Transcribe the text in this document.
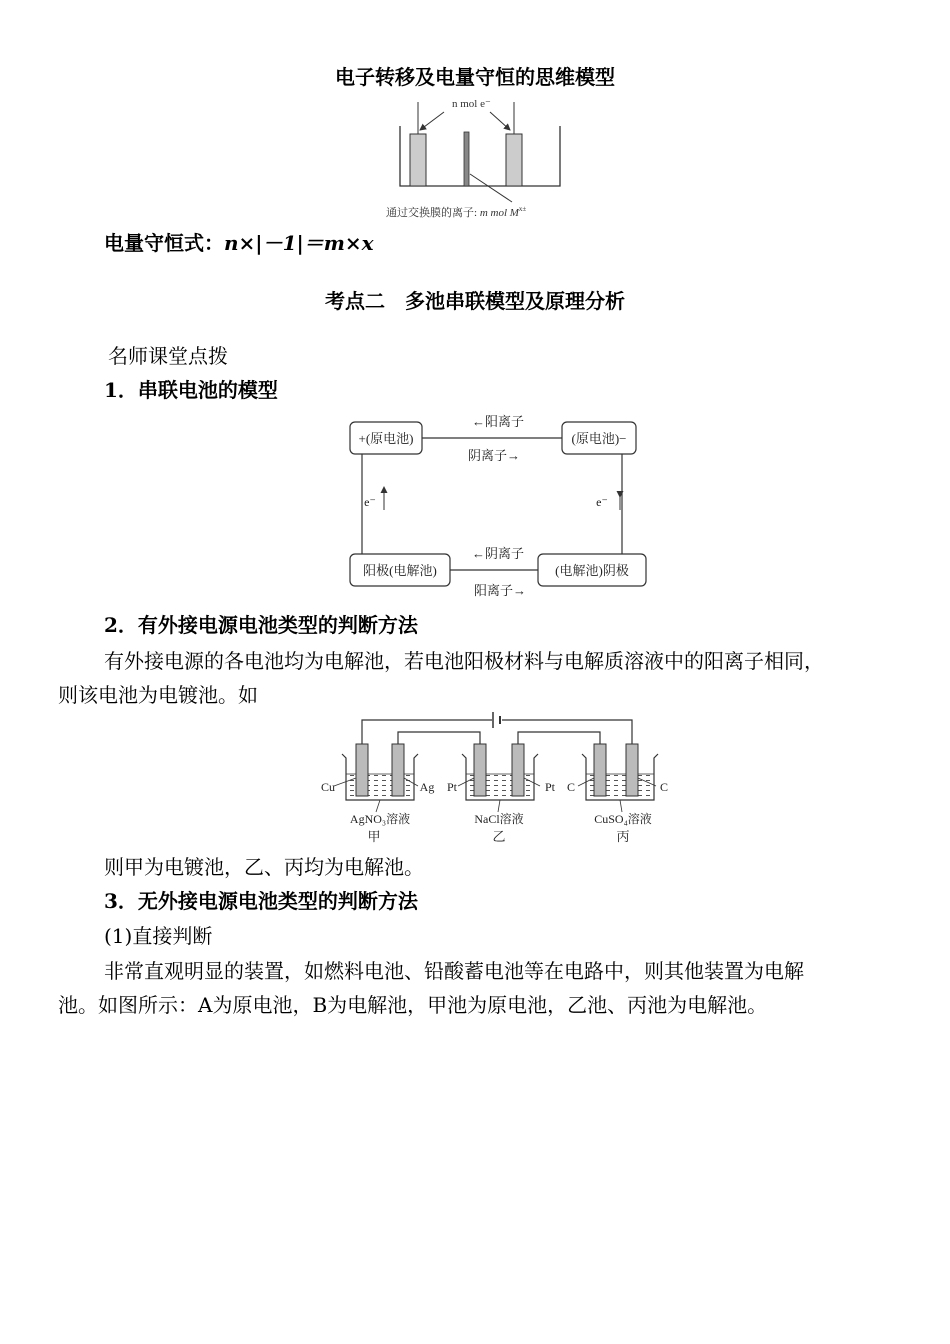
电子转移及电量守恒的思维模型
n mol e⁻
通过交换膜的离子: m mol $M^{x\pm}$
电量守恒式：n×|－1|＝m×x
考点二　多池串联模型及原理分析
名师课堂点拨
1．串联电池的模型
+(原电池)	(原电池)−
阳极(电解池)	(电解池)阴极
←阳离子
阴离子→
←阴离子
阳离子→
e⁻	e⁻
2．有外接电源电池类型的判断方法
有外接电源的各电池均为电解池，若电池阳极材料与电解质溶液中的阳离子相同，
则该电池为电镀池。如
Cu	Ag
AgNO₃溶液
甲
Pt	Pt
NaCl溶液
乙
C	C
CuSO₄溶液
丙
则甲为电镀池，乙、丙均为电解池。
3．无外接电源电池类型的判断方法
(1)直接判断
非常直观明显的装置，如燃料电池、铅酸蓄电池等在电路中，则其他装置为电解
池。如图所示：A为原电池，B为电解池，甲池为原电池，乙池、丙池为电解池。
